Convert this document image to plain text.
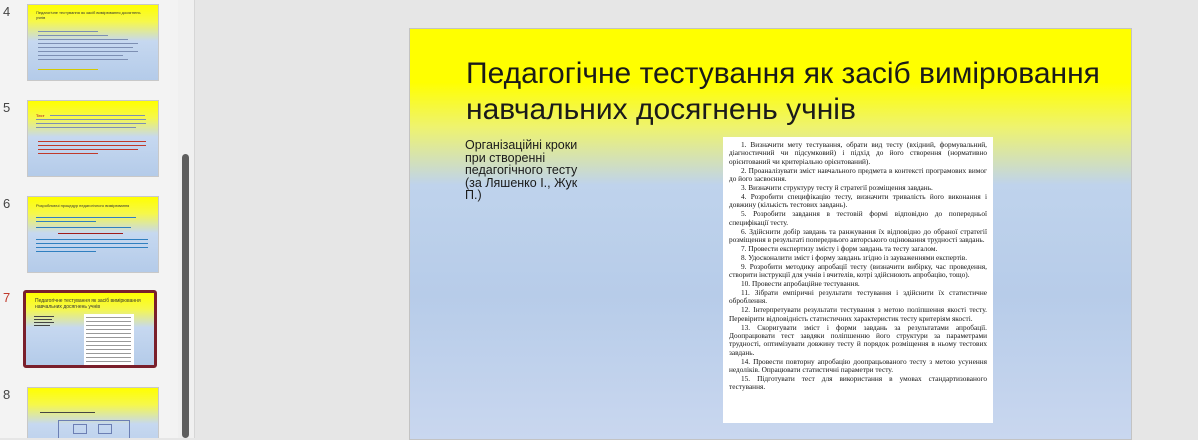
4	Педагогічне тестування як засіб вимірювання досягнень учнів
5
Тест
6	Розробляючі процедур педагогічного вимірювання
7	Педагогічне тестування як засіб вимірювання навчальних досягнень учнів
8
Педагогічне тестування як засіб вимірювання навчальних досягнень учнів
Організаційні кроки при створенні педагогічного тесту (за Ляшенко І., Жук П.)

1. Визначити мету тестування, обрати вид тесту (вхідний, формувальний, діагностичний чи підсумковий) і підхід до його створення (нормативно орієнтований чи критеріально орієнтований).

2. Проаналізувати зміст навчального предмета в контексті програмових вимог до його засвоєння.

3. Визначити структуру тесту й стратегії розміщення завдань.

4. Розробити специфікацію тесту, визначити тривалість його виконання і довжину (кількість тестових завдань).

5. Розробити завдання в тестовій формі відповідно до попередньої специфікації тесту.

6. Здійснити добір завдань та ранжування їх відповідно до обраної стратегії розміщення в результаті попереднього авторського оцінювання трудності завдань.

7. Провести експертизу змісту і форм завдань та тесту загалом.

8. Удосконалити зміст і форму завдань згідно із зауваженнями експертів.

9. Розробити методику апробації тесту (визначити вибірку, час проведення, створити інструкції для учнів і вчителів, котрі здійснюють апробацію, тощо).

10. Провести апробаційне тестування.

11. Зібрати емпіричні результати тестування і здійснити їх статистичне оброблення.

12. Інтерпретувати результати тестування з метою поліпшення якості тесту. Перевірити відповідність статистичних характеристик тесту критеріям якості.

13. Скоригувати зміст і форми завдань за результатами апробації. Доопрацювати тест завдяки поліпшенню його структури за параметрами трудності, оптимізувати довжину тесту й порядок розміщення в ньому тестових завдань.

14. Провести повторну апробацію доопрацьованого тесту з метою усунення недоліків. Опрацювати статистичні параметри тесту.

15. Підготувати тест для використання в умовах стандартизованого тестування.
